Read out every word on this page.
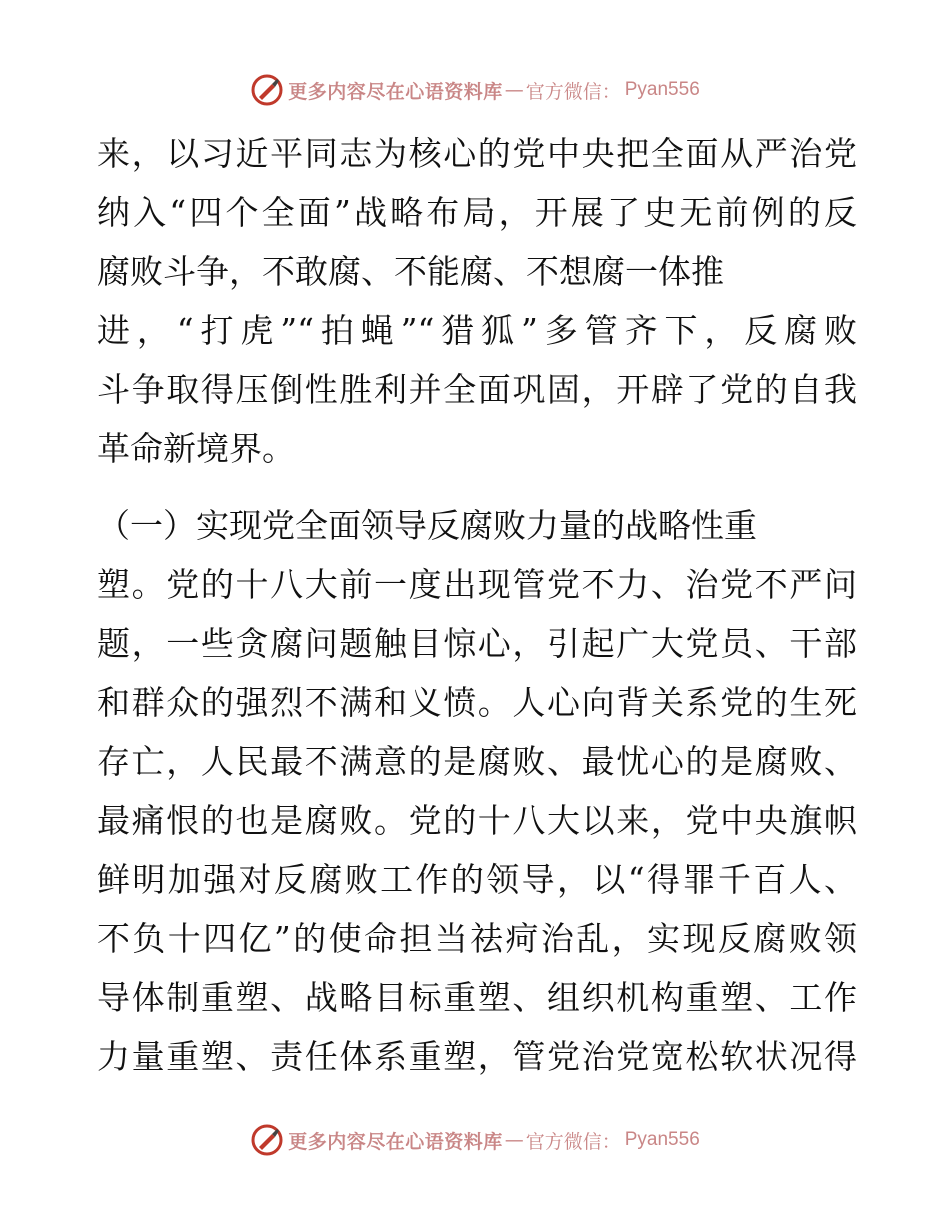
更多内容尽在心语资料库 — 官方微信： Pyan556
来，以习近平同志为核心的党中央把全面从严治党
纳入“四个全面”战略布局，开展了史无前例的反
腐败斗争，不敢腐、不能腐、不想腐一体推
进，“打虎”“拍蝇”“猎狐”多管齐下，反腐败
斗争取得压倒性胜利并全面巩固，开辟了党的自我
革命新境界。
（一）实现党全面领导反腐败力量的战略性重
塑。党的十八大前一度出现管党不力、治党不严问
题，一些贪腐问题触目惊心，引起广大党员、干部
和群众的强烈不满和义愤。人心向背关系党的生死
存亡，人民最不满意的是腐败、最忧心的是腐败、
最痛恨的也是腐败。党的十八大以来，党中央旗帜
鲜明加强对反腐败工作的领导，以“得罪千百人、
不负十四亿”的使命担当祛疴治乱，实现反腐败领
导体制重塑、战略目标重塑、组织机构重塑、工作
力量重塑、责任体系重塑，管党治党宽松软状况得
更多内容尽在心语资料库 — 官方微信： Pyan556
